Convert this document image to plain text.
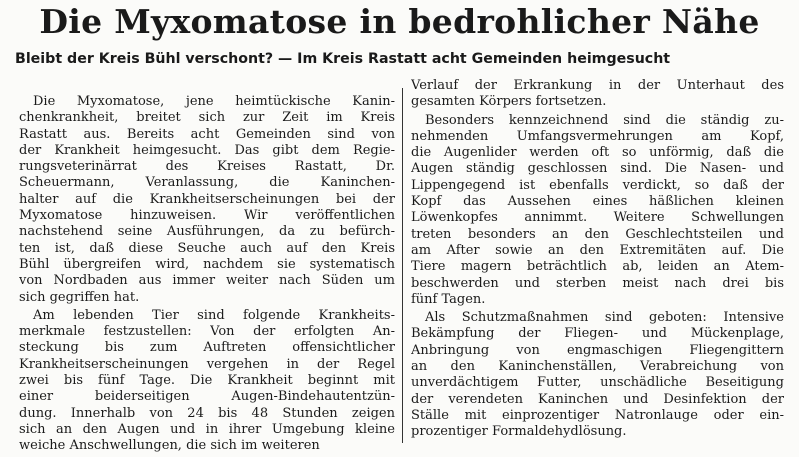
Die Myxomatose in bedrohlicher Nähe
Bleibt der Kreis Bühl verschont? — Im Kreis Rastatt acht Gemeinden heimgesucht
Die Myxomatose, jene heimtückische Kanin-
chenkrankheit, breitet sich zur Zeit im Kreis
Rastatt aus. Bereits acht Gemeinden sind von
der Krankheit heimgesucht. Das gibt dem Regie-
rungsveterinärrat des Kreises Rastatt, Dr.
Scheuermann, Veranlassung, die Kaninchen-
halter auf die Krankheitserscheinungen bei der
Myxomatose hinzuweisen. Wir veröffentlichen
nachstehend seine Ausführungen, da zu befürch-
ten ist, daß diese Seuche auch auf den Kreis
Bühl übergreifen wird, nachdem sie systematisch
von Nordbaden aus immer weiter nach Süden um
sich gegriffen hat.
Am lebenden Tier sind folgende Krankheits-
merkmale festzustellen: Von der erfolgten An-
steckung bis zum Auftreten offensichtlicher
Krankheitserscheinungen vergehen in der Regel
zwei bis fünf Tage. Die Krankheit beginnt mit
einer beiderseitigen Augen-Bindehautentzün-
dung. Innerhalb von 24 bis 48 Stunden zeigen
sich an den Augen und in ihrer Umgebung kleine
weiche Anschwellungen, die sich im weiteren
Verlauf der Erkrankung in der Unterhaut des
gesamten Körpers fortsetzen.
Besonders kennzeichnend sind die ständig zu-
nehmenden Umfangsvermehrungen am Kopf,
die Augenlider werden oft so unförmig, daß die
Augen ständig geschlossen sind. Die Nasen- und
Lippengegend ist ebenfalls verdickt, so daß der
Kopf das Aussehen eines häßlichen kleinen
Löwenkopfes annimmt. Weitere Schwellungen
treten besonders an den Geschlechtsteilen und
am After sowie an den Extremitäten auf. Die
Tiere magern beträchtlich ab, leiden an Atem-
beschwerden und sterben meist nach drei bis
fünf Tagen.
Als Schutzmaßnahmen sind geboten: Intensive
Bekämpfung der Fliegen- und Mückenplage,
Anbringung von engmaschigen Fliegengittern
an den Kaninchenställen, Verabreichung von
unverdächtigem Futter, unschädliche Beseitigung
der verendeten Kaninchen und Desinfektion der
Ställe mit einprozentiger Natronlauge oder ein-
prozentiger Formaldehydlösung.
